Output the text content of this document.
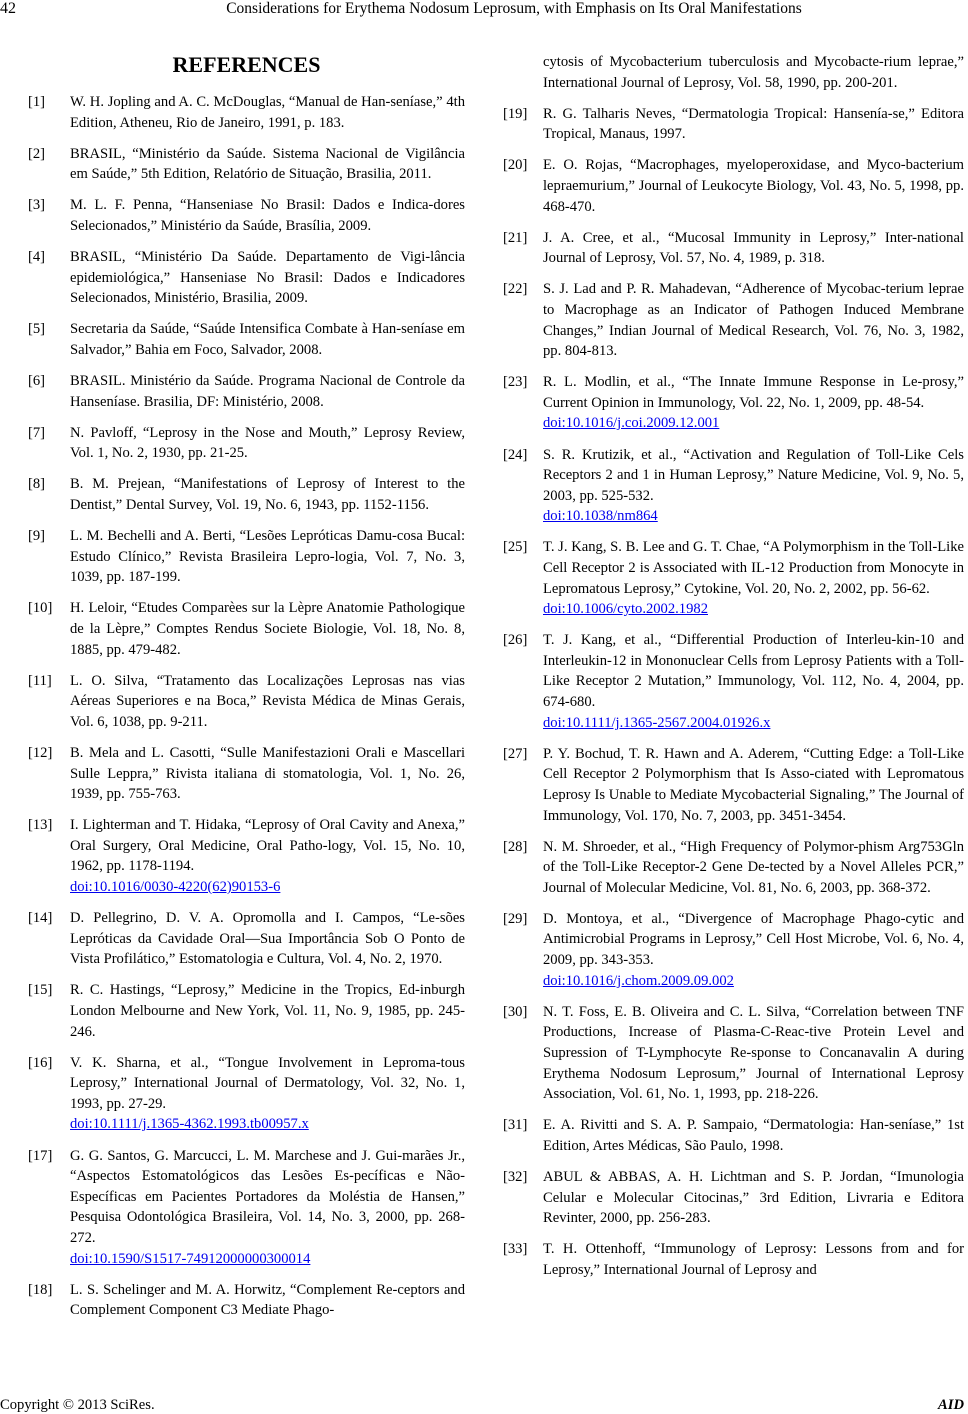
42	Considerations for Erythema Nodosum Leprosum, with Emphasis on Its Oral Manifestations
REFERENCES
[1] W. H. Jopling and A. C. McDouglas, “Manual de Han-seníase,” 4th Edition, Atheneu, Rio de Janeiro, 1991, p. 183.
[2] BRASIL, “Ministério da Saúde. Sistema Nacional de Vigilância em Saúde,” 5th Edition, Relatório de Situação, Brasilia, 2011.
[3] M. L. F. Penna, “Hanseniase No Brasil: Dados e Indica-dores Selecionados,” Ministério da Saúde, Brasília, 2009.
[4] BRASIL, “Ministério Da Saúde. Departamento de Vigi-lância epidemiológica,” Hanseniase No Brasil: Dados e Indicadores Selecionados, Ministério, Brasilia, 2009.
[5] Secretaria da Saúde, “Saúde Intensifica Combate à Han-seníase em Salvador,” Bahia em Foco, Salvador, 2008.
[6] BRASIL. Ministério da Saúde. Programa Nacional de Controle da Hanseníase. Brasilia, DF: Ministério, 2008.
[7] N. Pavloff, “Leprosy in the Nose and Mouth,” Leprosy Review, Vol. 1, No. 2, 1930, pp. 21-25.
[8] B. M. Prejean, “Manifestations of Leprosy of Interest to the Dentist,” Dental Survey, Vol. 19, No. 6, 1943, pp. 1152-1156.
[9] L. M. Bechelli and A. Berti, “Lesões Lepróticas Damu-cosa Bucal: Estudo Clínico,” Revista Brasileira Lepro-logia, Vol. 7, No. 3, 1039, pp. 187-199.
[10] H. Leloir, “Etudes Comparèes sur la Lèpre Anatomie Pathologique de la Lèpre,” Comptes Rendus Societe Biologie, Vol. 18, No. 8, 1885, pp. 479-482.
[11] L. O. Silva, “Tratamento das Localizações Leprosas nas vias Aéreas Superiores e na Boca,” Revista Médica de Minas Gerais, Vol. 6, 1038, pp. 9-211.
[12] B. Mela and L. Casotti, “Sulle Manifestazioni Orali e Mascellari Sulle Leppra,” Rivista italiana di stomatologia, Vol. 1, No. 26, 1939, pp. 755-763.
[13] I. Lighterman and T. Hidaka, “Leprosy of Oral Cavity and Anexa,” Oral Surgery, Oral Medicine, Oral Patho-logy, Vol. 15, No. 10, 1962, pp. 1178-1194.
doi:10.1016/0030-4220(62)90153-6
[14] D. Pellegrino, D. V. A. Opromolla and I. Campos, “Le-sões Lepróticas da Cavidade Oral—Sua Importância Sob O Ponto de Vista Profilático,” Estomatologia e Cultura, Vol. 4, No. 2, 1970.
[15] R. C. Hastings, “Leprosy,” Medicine in the Tropics, Ed-inburgh London Melbourne and New York, Vol. 11, No. 9, 1985, pp. 245-246.
[16] V. K. Sharna, et al., “Tongue Involvement in Leproma-tous Leprosy,” International Journal of Dermatology, Vol. 32, No. 1, 1993, pp. 27-29.
doi:10.1111/j.1365-4362.1993.tb00957.x
[17] G. G. Santos, G. Marcucci, L. M. Marchese and J. Gui-marães Jr., “Aspectos Estomatológicos das Lesões Es-pecíficas e Não-Específicas em Pacientes Portadores da Moléstia de Hansen,” Pesquisa Odontológica Brasileira, Vol. 14, No. 3, 2000, pp. 268-272.
doi:10.1590/S1517-74912000000300014
[18] L. S. Schelinger and M. A. Horwitz, “Complement Re-ceptors and Complement Component C3 Mediate Phago-
cytosis of Mycobacterium tuberculosis and Mycobacte-rium leprae,” International Journal of Leprosy, Vol. 58, 1990, pp. 200-201.
[19] R. G. Talharis Neves, “Dermatologia Tropical: Hansenía-se,” Editora Tropical, Manaus, 1997.
[20] E. O. Rojas, “Macrophages, myeloperoxidase, and Myco-bacterium lepraemurium,” Journal of Leukocyte Biology, Vol. 43, No. 5, 1998, pp. 468-470.
[21] J. A. Cree, et al., “Mucosal Immunity in Leprosy,” Inter-national Journal of Leprosy, Vol. 57, No. 4, 1989, p. 318.
[22] S. J. Lad and P. R. Mahadevan, “Adherence of Mycobac-terium leprae to Macrophage as an Indicator of Pathogen Induced Membrane Changes,” Indian Journal of Medical Research, Vol. 76, No. 3, 1982, pp. 804-813.
[23] R. L. Modlin, et al., “The Innate Immune Response in Le-prosy,” Current Opinion in Immunology, Vol. 22, No. 1, 2009, pp. 48-54.
doi:10.1016/j.coi.2009.12.001
[24] S. R. Krutizik, et al., “Activation and Regulation of Toll-Like Cels Receptors 2 and 1 in Human Leprosy,” Nature Medicine, Vol. 9, No. 5, 2003, pp. 525-532.
doi:10.1038/nm864
[25] T. J. Kang, S. B. Lee and G. T. Chae, “A Polymorphism in the Toll-Like Cell Receptor 2 is Associated with IL-12 Production from Monocyte in Lepromatous Leprosy,” Cytokine, Vol. 20, No. 2, 2002, pp. 56-62.
doi:10.1006/cyto.2002.1982
[26] T. J. Kang, et al., “Differential Production of Interleu-kin-10 and Interleukin-12 in Mononuclear Cells from Leprosy Patients with a Toll-Like Receptor 2 Mutation,” Immunology, Vol. 112, No. 4, 2004, pp. 674-680.
doi:10.1111/j.1365-2567.2004.01926.x
[27] P. Y. Bochud, T. R. Hawn and A. Aderem, “Cutting Edge: a Toll-Like Cell Receptor 2 Polymorphism that Is Asso-ciated with Lepromatous Leprosy Is Unable to Mediate Mycobacterial Signaling,” The Journal of Immunology, Vol. 170, No. 7, 2003, pp. 3451-3454.
[28] N. M. Shroeder, et al., “High Frequency of Polymor-phism Arg753Gln of the Toll-Like Receptor-2 Gene De-tected by a Novel Alleles PCR,” Journal of Molecular Medicine, Vol. 81, No. 6, 2003, pp. 368-372.
[29] D. Montoya, et al., “Divergence of Macrophage Phago-cytic and Antimicrobial Programs in Leprosy,” Cell Host Microbe, Vol. 6, No. 4, 2009, pp. 343-353.
doi:10.1016/j.chom.2009.09.002
[30] N. T. Foss, E. B. Oliveira and C. L. Silva, “Correlation between TNF Productions, Increase of Plasma-C-Reac-tive Protein Level and Supression of T-Lymphocyte Re-sponse to Concanavalin A during Erythema Nodosum Leprosum,” Journal of International Leprosy Association, Vol. 61, No. 1, 1993, pp. 218-226.
[31] E. A. Rivitti and S. A. P. Sampaio, “Dermatologia: Han-seníase,” 1st Edition, Artes Médicas, São Paulo, 1998.
[32] ABUL & ABBAS, A. H. Lichtman and S. P. Jordan, “Imunologia Celular e Molecular Citocinas,” 3rd Edition, Livraria e Editora Revinter, 2000, pp. 256-283.
[33] T. H. Ottenhoff, “Immunology of Leprosy: Lessons from and for Leprosy,” International Journal of Leprosy and
Copyright © 2013 SciRes.	AID
